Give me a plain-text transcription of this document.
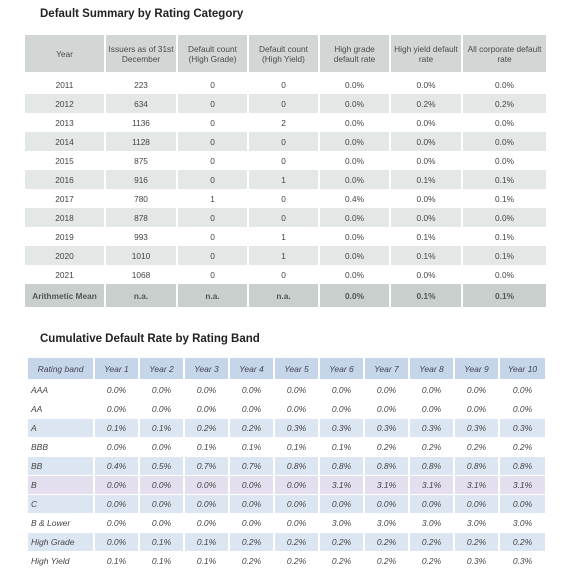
Default Summary by Rating Category
Year	Issuers as of 31st December	Default count (High Grade)	Default count (High Yield)	High grade default rate	High yield default rate	All corporate default rate
2011	223	0	0	0.0%	0.0%	0.0%
2012	634	0	0	0.0%	0.2%	0.2%
2013	1136	0	2	0.0%	0.0%	0.0%
2014	1128	0	0	0.0%	0.0%	0.0%
2015	875	0	0	0.0%	0.0%	0.0%
2016	916	0	1	0.0%	0.1%	0.1%
2017	780	1	0	0.4%	0.0%	0.1%
2018	878	0	0	0.0%	0.0%	0.0%
2019	993	0	1	0.0%	0.1%	0.1%
2020	1010	0	1	0.0%	0.1%	0.1%
2021	1068	0	0	0.0%	0.0%	0.0%
Arithmetic Mean	n.a.	n.a.	n.a.	0.0%	0.1%	0.1%
Cumulative Default Rate by Rating Band
Rating band	Year 1	Year 2	Year 3	Year 4	Year 5	Year 6	Year 7	Year 8	Year 9	Year 10
AAA	0.0%	0.0%	0.0%	0.0%	0.0%	0.0%	0.0%	0.0%	0.0%	0.0%
AA	0.0%	0.0%	0.0%	0.0%	0.0%	0.0%	0.0%	0.0%	0.0%	0.0%
A	0.1%	0.1%	0.2%	0.2%	0.3%	0.3%	0.3%	0.3%	0.3%	0.3%
BBB	0.0%	0.0%	0.1%	0.1%	0.1%	0.1%	0.2%	0.2%	0.2%	0.2%
BB	0.4%	0.5%	0.7%	0.7%	0.8%	0.8%	0.8%	0.8%	0.8%	0.8%
B	0.0%	0.0%	0.0%	0.0%	0.0%	3.1%	3.1%	3.1%	3.1%	3.1%
C	0.0%	0.0%	0.0%	0.0%	0.0%	0.0%	0.0%	0.0%	0.0%	0.0%
B & Lower	0.0%	0.0%	0.0%	0.0%	0.0%	3.0%	3.0%	3.0%	3.0%	3.0%
High Grade	0.0%	0.1%	0.1%	0.2%	0.2%	0.2%	0.2%	0.2%	0.2%	0.2%
High Yield	0.1%	0.1%	0.1%	0.2%	0.2%	0.2%	0.2%	0.2%	0.3%	0.3%
